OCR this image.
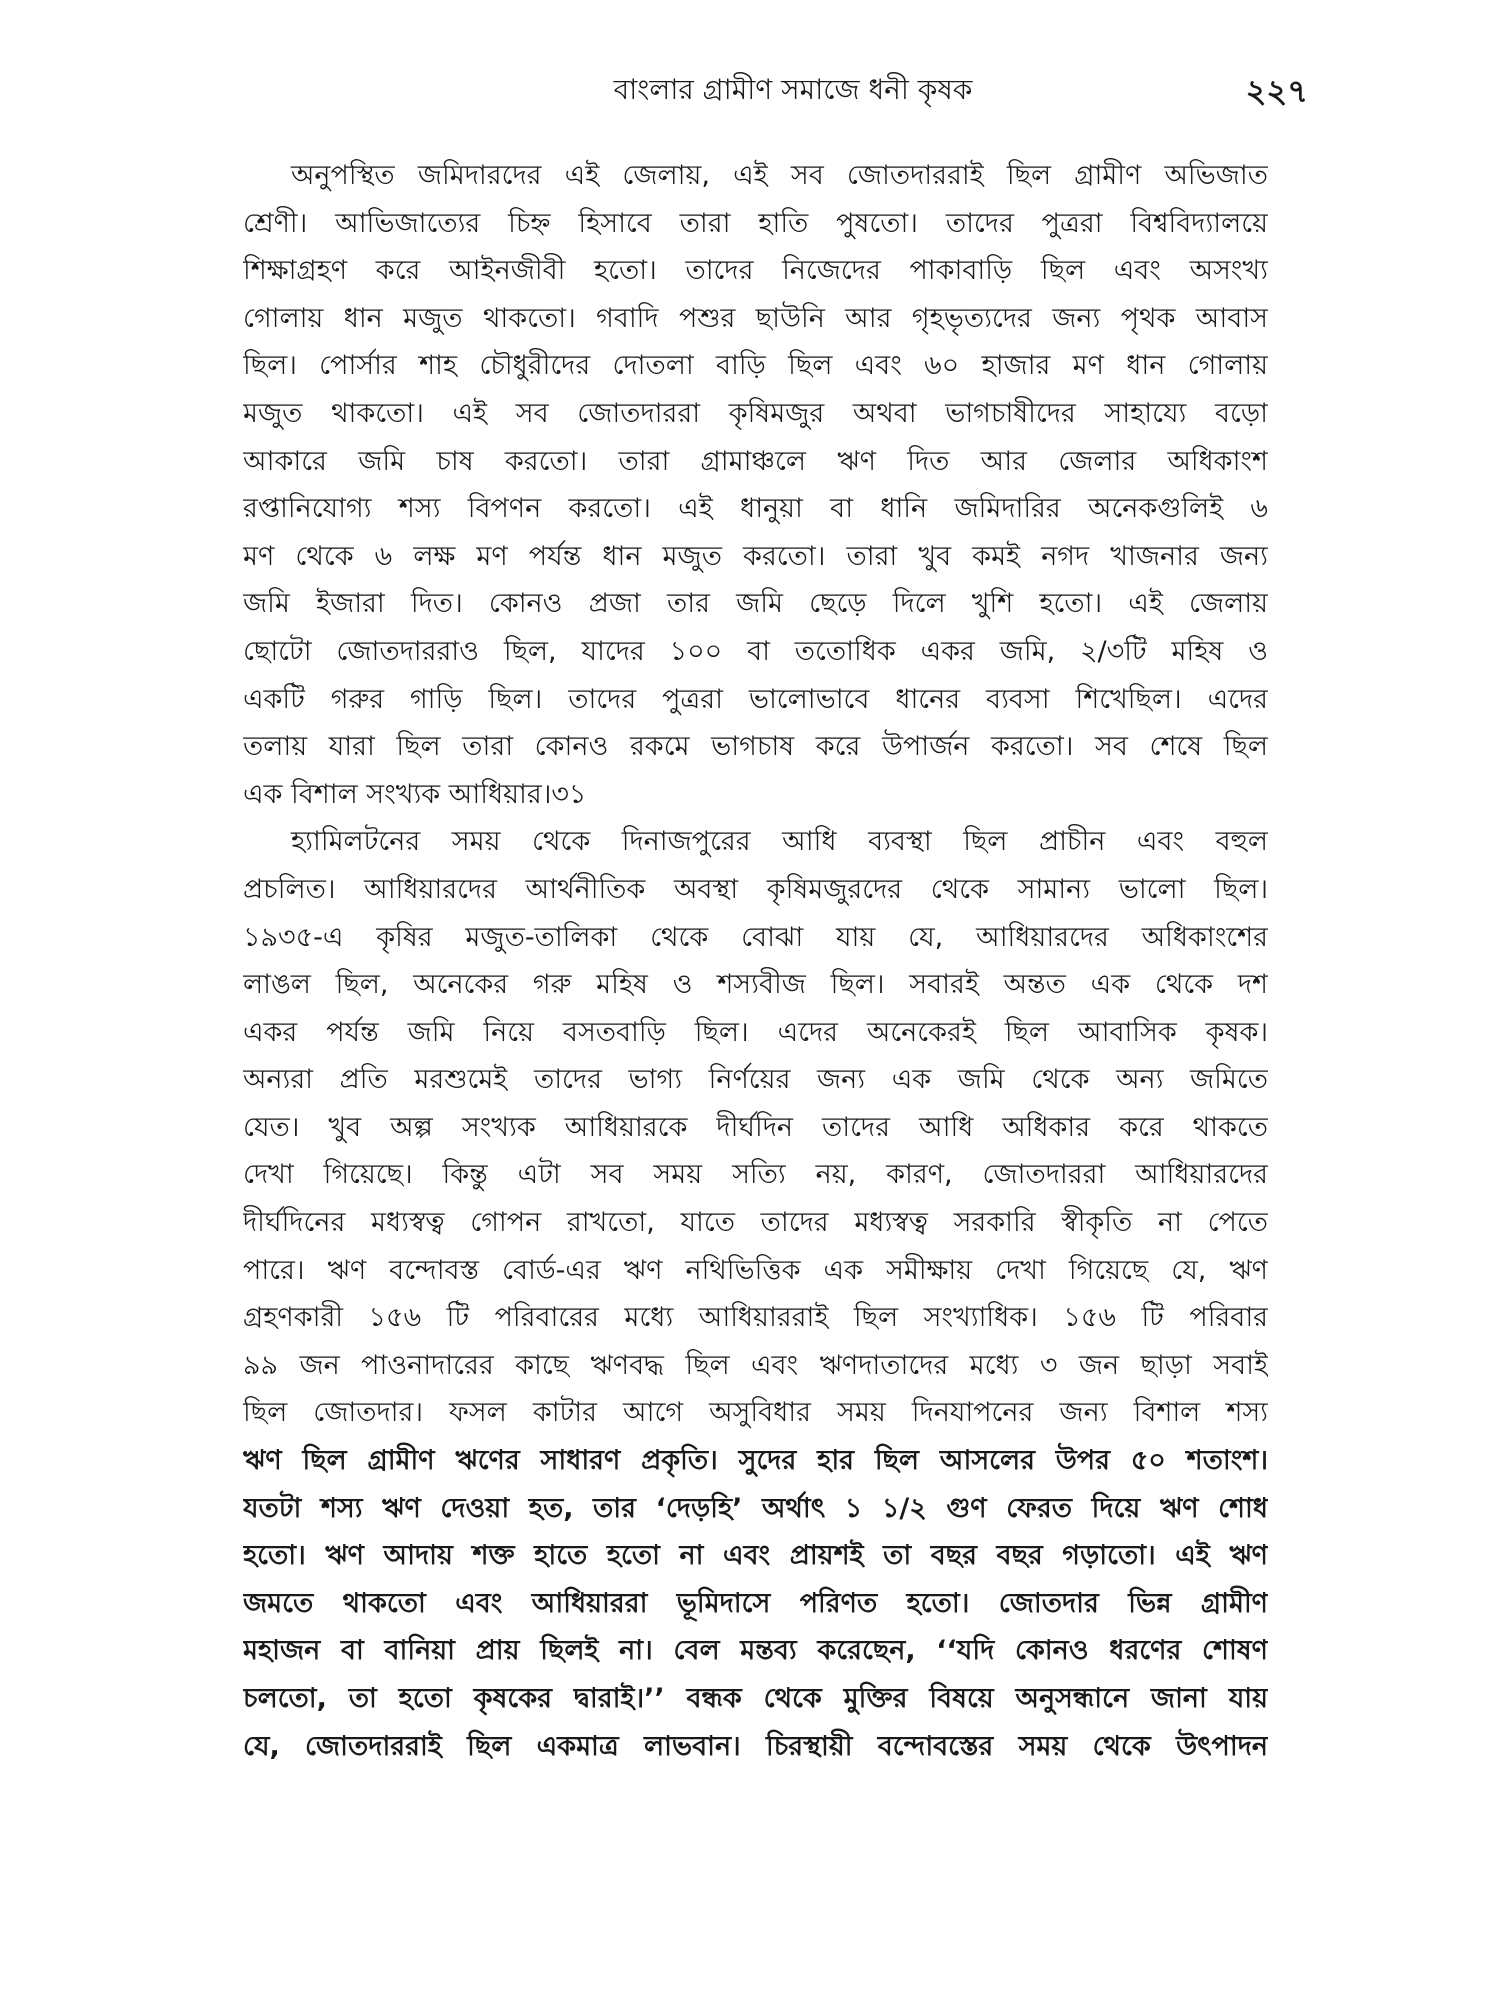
বাংলার গ্রামীণ সমাজে ধনী কৃষক	২২৭
অনুপস্থিত জমিদারদের এই জেলায়, এই সব জোতদাররাই ছিল গ্রামীণ অভিজাত
শ্রেণী। আভিজাত্যের চিহ্ন হিসাবে তারা হাতি পুষতো। তাদের পুত্ররা বিশ্ববিদ্যালয়ে
শিক্ষাগ্রহণ করে আইনজীবী হতো। তাদের নিজেদের পাকাবাড়ি ছিল এবং অসংখ্য
গোলায় ধান মজুত থাকতো। গবাদি পশুর ছাউনি আর গৃহভৃত্যদের জন্য পৃথক আবাস
ছিল। পোর্সার শাহ চৌধুরীদের দোতলা বাড়ি ছিল এবং ৬০ হাজার মণ ধান গোলায়
মজুত থাকতো। এই সব জোতদাররা কৃষিমজুর অথবা ভাগচাষীদের সাহায্যে বড়ো
আকারে জমি চাষ করতো। তারা গ্রামাঞ্চলে ঋণ দিত আর জেলার অধিকাংশ
রপ্তানিযোগ্য শস্য বিপণন করতো। এই ধানুয়া বা ধানি জমিদারির অনেকগুলিই ৬
মণ থেকে ৬ লক্ষ মণ পর্যন্ত ধান মজুত করতো। তারা খুব কমই নগদ খাজনার জন্য
জমি ইজারা দিত। কোনও প্রজা তার জমি ছেড়ে দিলে খুশি হতো। এই জেলায়
ছোটো জোতদাররাও ছিল, যাদের ১০০ বা ততোধিক একর জমি, ২/৩টি মহিষ ও
একটি গরুর গাড়ি ছিল। তাদের পুত্ররা ভালোভাবে ধানের ব্যবসা শিখেছিল। এদের
তলায় যারা ছিল তারা কোনও রকমে ভাগচাষ করে উপার্জন করতো। সব শেষে ছিল
এক বিশাল সংখ্যক আধিয়ার।৩১
হ্যামিলটনের সময় থেকে দিনাজপুরের আধি ব্যবস্থা ছিল প্রাচীন এবং বহুল
প্রচলিত। আধিয়ারদের আর্থনীতিক অবস্থা কৃষিমজুরদের থেকে সামান্য ভালো ছিল।
১৯৩৫-এ কৃষির মজুত-তালিকা থেকে বোঝা যায় যে, আধিয়ারদের অধিকাংশের
লাঙল ছিল, অনেকের গরু মহিষ ও শস্যবীজ ছিল। সবারই অন্তত এক থেকে দশ
একর পর্যন্ত জমি নিয়ে বসতবাড়ি ছিল। এদের অনেকেরই ছিল আবাসিক কৃষক।
অন্যরা প্রতি মরশুমেই তাদের ভাগ্য নির্ণয়ের জন্য এক জমি থেকে অন্য জমিতে
যেত। খুব অল্প সংখ্যক আধিয়ারকে দীর্ঘদিন তাদের আধি অধিকার করে থাকতে
দেখা গিয়েছে। কিন্তু এটা সব সময় সত্যি নয়, কারণ, জোতদাররা আধিয়ারদের
দীর্ঘদিনের মধ্যস্বত্ব গোপন রাখতো, যাতে তাদের মধ্যস্বত্ব সরকারি স্বীকৃতি না পেতে
পারে। ঋণ বন্দোবস্ত বোর্ড-এর ঋণ নথিভিত্তিক এক সমীক্ষায় দেখা গিয়েছে যে, ঋণ
গ্রহণকারী ১৫৬ টি পরিবারের মধ্যে আধিয়াররাই ছিল সংখ্যাধিক। ১৫৬ টি পরিবার
৯৯ জন পাওনাদারের কাছে ঋণবদ্ধ ছিল এবং ঋণদাতাদের মধ্যে ৩ জন ছাড়া সবাই
ছিল জোতদার। ফসল কাটার আগে অসুবিধার সময় দিনযাপনের জন্য বিশাল শস্য
ঋণ ছিল গ্রামীণ ঋণের সাধারণ প্রকৃতি। সুদের হার ছিল আসলের উপর ৫০ শতাংশ।
যতটা শস্য ঋণ দেওয়া হত, তার ‘দেড়হি’ অর্থাৎ ১ ১/২ গুণ ফেরত দিয়ে ঋণ শোধ
হতো। ঋণ আদায় শক্ত হাতে হতো না এবং প্রায়শই তা বছর বছর গড়াতো। এই ঋণ
জমতে থাকতো এবং আধিয়াররা ভূমিদাসে পরিণত হতো। জোতদার ভিন্ন গ্রামীণ
মহাজন বা বানিয়া প্রায় ছিলই না। বেল মন্তব্য করেছেন, ‘‘যদি কোনও ধরণের শোষণ
চলতো, তা হতো কৃষকের দ্বারাই।’’ বন্ধক থেকে মুক্তির বিষয়ে অনুসন্ধানে জানা যায়
যে, জোতদাররাই ছিল একমাত্র লাভবান। চিরস্থায়ী বন্দোবস্তের সময় থেকে উৎপাদন
